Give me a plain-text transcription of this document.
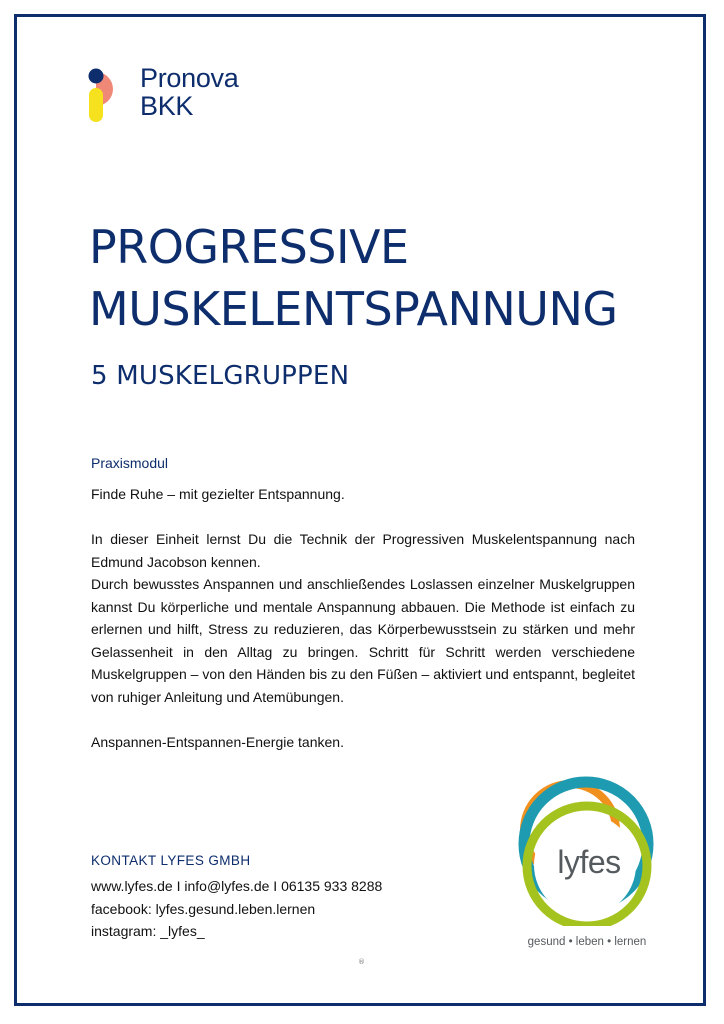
Pronova
BKK
PROGRESSIVE
MUSKELENTSPANNUNG
5 MUSKELGRUPPEN
Praxismodul

Finde Ruhe – mit gezielter Entspannung.

In dieser Einheit lernst Du die Technik der Progressiven Muskelentspannung nach Edmund Jacobson kennen.

Durch bewusstes Anspannen und anschließendes Loslassen einzelner Muskelgruppen kannst Du körperliche und mentale Anspannung abbauen. Die Methode ist einfach zu erlernen und hilft, Stress zu reduzieren, das Körperbewusstsein zu stärken und mehr Gelassenheit in den Alltag zu bringen. Schritt für Schritt werden verschiedene Muskelgruppen – von den Händen bis zu den Füßen – aktiviert und entspannt, begleitet von ruhiger Anleitung und Atemübungen.

Anspannen-Entspannen-Energie tanken.

KONTAKT LYFES GMBH
www.lyfes.de I info@lyfes.de I 06135 933 8288
facebook: lyfes.gesund.leben.lernen
instagram: _lyfes_
lyfes
gesund • leben • lernen
®
